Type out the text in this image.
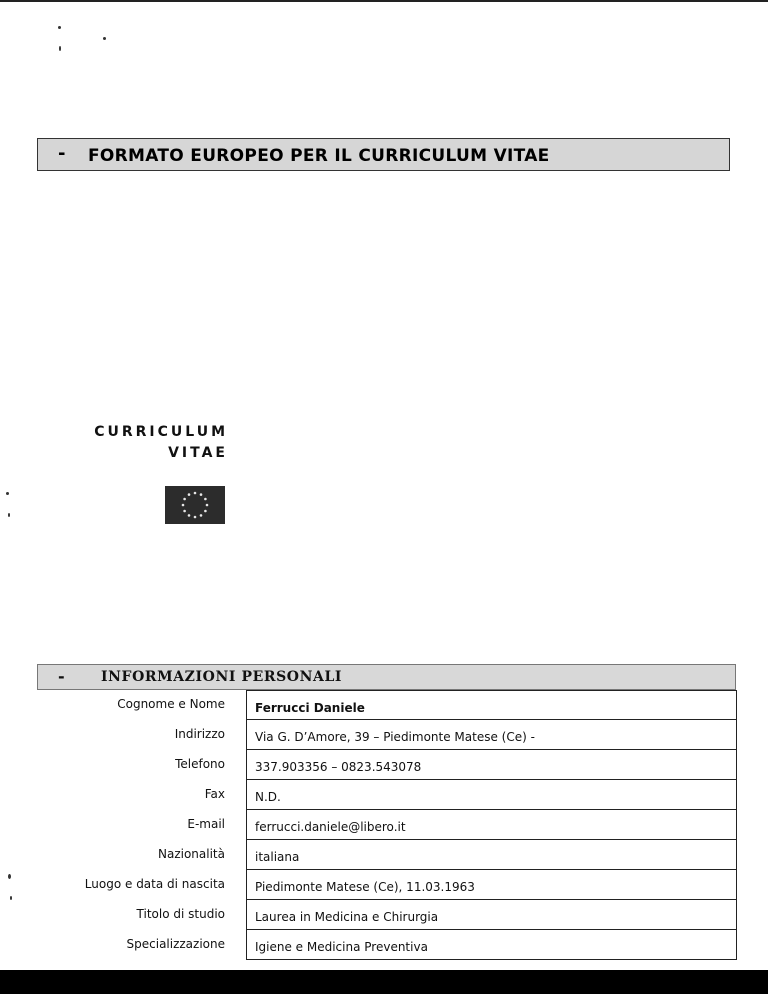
- FORMATO EUROPEO PER IL CURRICULUM VITAE
CURRICULUM
VITAE
-	INFORMAZIONI PERSONALI
Cognome e Nome	Ferrucci Daniele
Indirizzo	Via G. D’Amore, 39 – Piedimonte Matese (Ce) -
Telefono	337.903356 – 0823.543078
Fax	N.D.
E-mail	ferrucci.daniele@libero.it
Nazionalità	italiana
Luogo e data di nascita	Piedimonte Matese (Ce), 11.03.1963
Titolo di studio	Laurea in Medicina e Chirurgia
Specializzazione	Igiene e Medicina Preventiva
